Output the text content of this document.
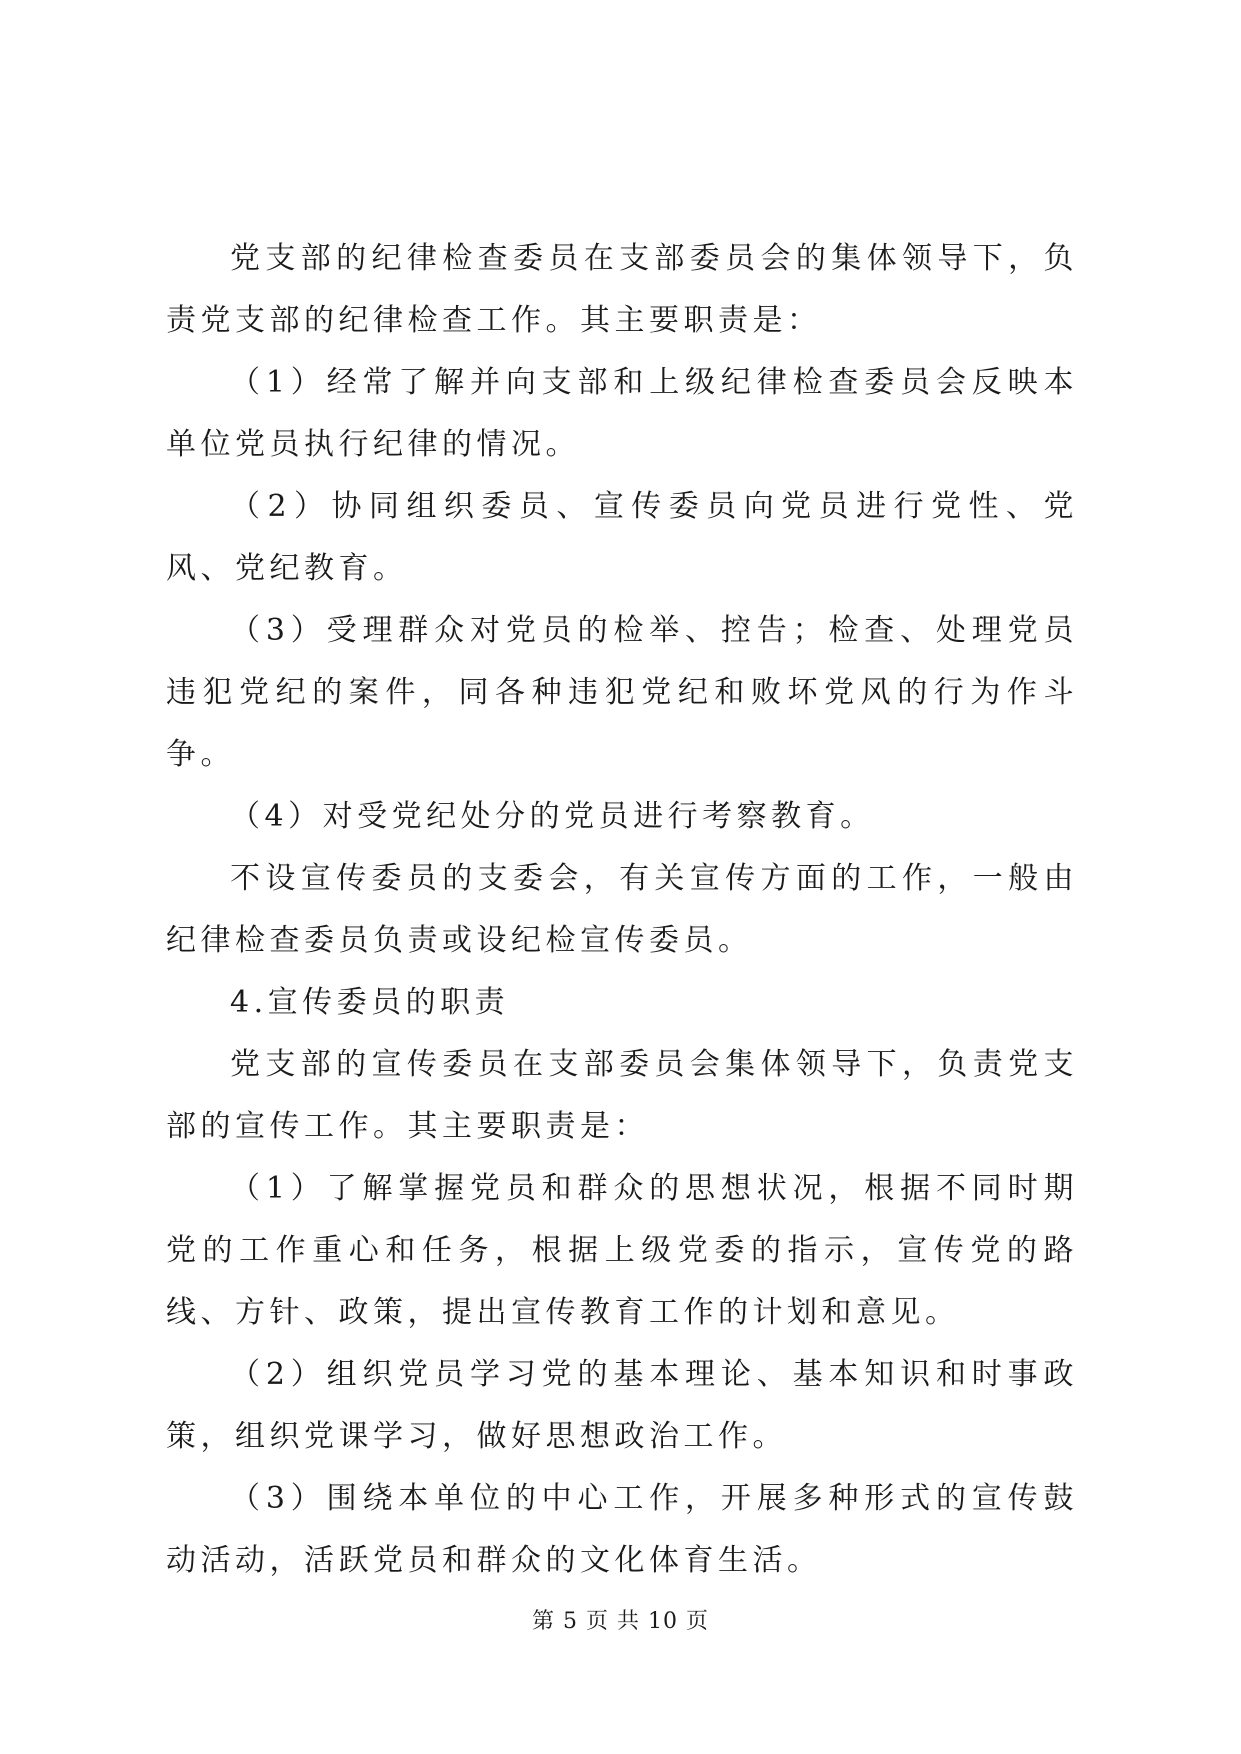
党支部的纪律检查委员在支部委员会的集体领导下，负责党支部的纪律检查工作。其主要职责是：

（1）经常了解并向支部和上级纪律检查委员会反映本单位党员执行纪律的情况。

（2）协同组织委员、宣传委员向党员进行党性、党风、党纪教育。

（3）受理群众对党员的检举、控告；检查、处理党员违犯党纪的案件，同各种违犯党纪和败坏党风的行为作斗争。

（4）对受党纪处分的党员进行考察教育。

不设宣传委员的支委会，有关宣传方面的工作，一般由纪律检查委员负责或设纪检宣传委员。

4.宣传委员的职责

党支部的宣传委员在支部委员会集体领导下，负责党支部的宣传工作。其主要职责是：

（1）了解掌握党员和群众的思想状况，根据不同时期党的工作重心和任务，根据上级党委的指示，宣传党的路线、方针、政策，提出宣传教育工作的计划和意见。

（2）组织党员学习党的基本理论、基本知识和时事政策，组织党课学习，做好思想政治工作。

（3）围绕本单位的中心工作，开展多种形式的宣传鼓动活动，活跃党员和群众的文化体育生活。

第 5 页 共 10 页
